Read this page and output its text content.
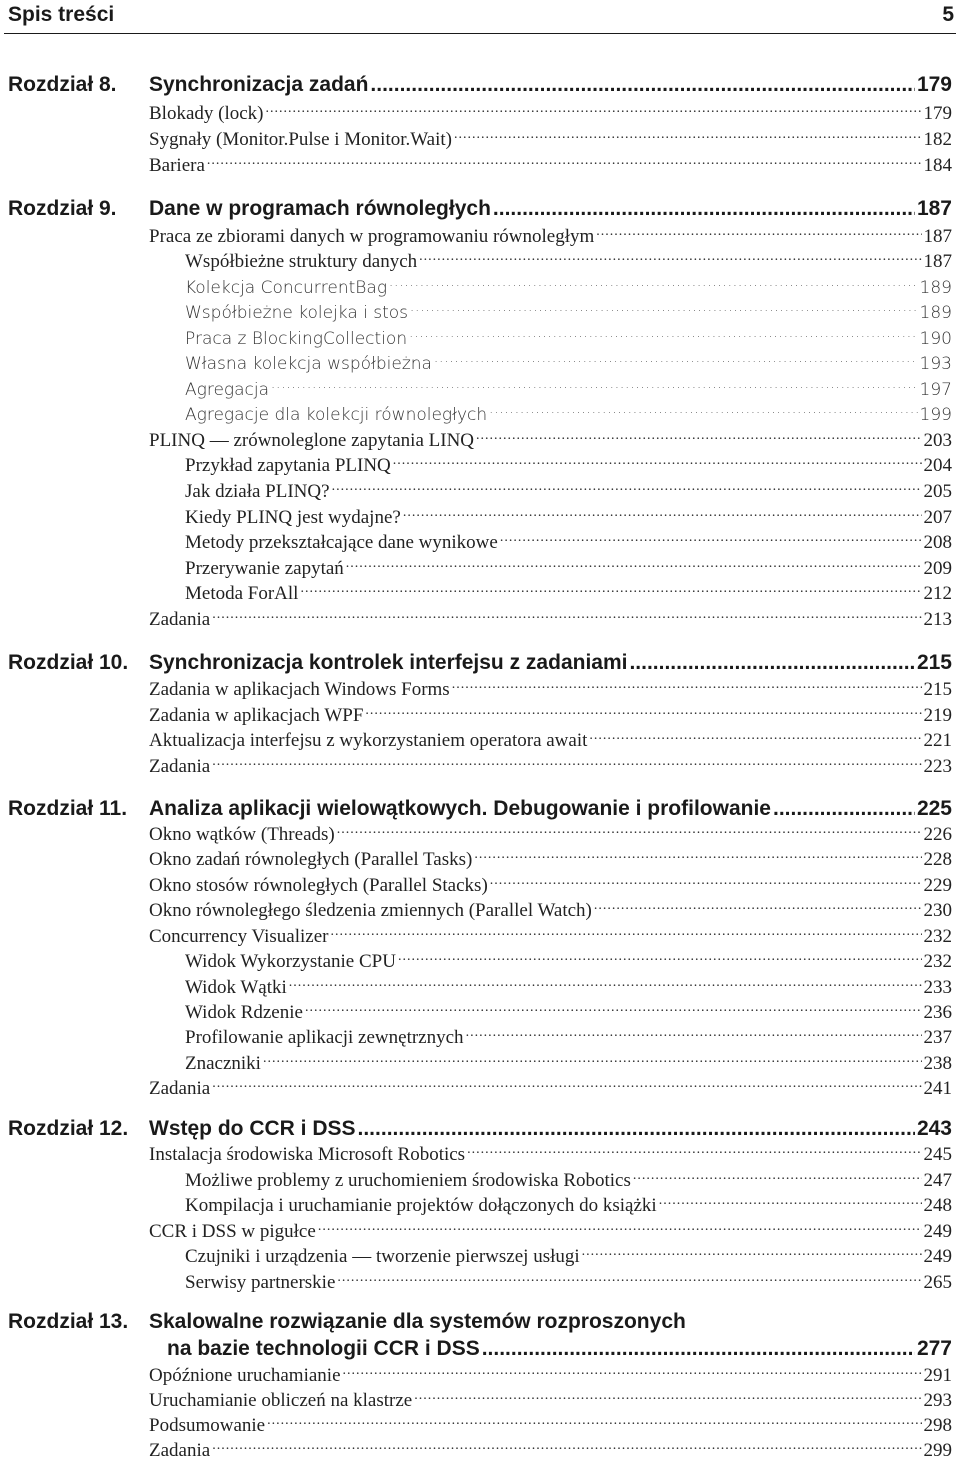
Spis treści	5
Rozdział 8. Synchronizacja zadań .....	179
Blokady (lock) .....	179
Sygnały (Monitor.Pulse i Monitor.Wait) .....	182
Bariera .....	184
Rozdział 9. Dane w programach równoległych .....	187
Praca ze zbiorami danych w programowaniu równoległym .....	187
Współbieżne struktury danych .....	187
Kolekcja ConcurrentBag .....	189
Współbieżne kolejka i stos .....	189
Praca z BlockingCollection .....	190
Własna kolekcja współbieżna .....	193
Agregacja .....	197
Agregacje dla kolekcji równoległych .....	199
PLINQ — zrównoleglone zapytania LINQ .....	203
Przykład zapytania PLINQ .....	204
Jak działa PLINQ? .....	205
Kiedy PLINQ jest wydajne? .....	207
Metody przekształcające dane wynikowe .....	208
Przerywanie zapytań .....	209
Metoda ForAll .....	212
Zadania .....	213
Rozdział 10. Synchronizacja kontrolek interfejsu z zadaniami .....	215
Zadania w aplikacjach Windows Forms .....	215
Zadania w aplikacjach WPF .....	219
Aktualizacja interfejsu z wykorzystaniem operatora await .....	221
Zadania .....	223
Rozdział 11. Analiza aplikacji wielowątkowych. Debugowanie i profilowanie .....	225
Okno wątków (Threads) .....	226
Okno zadań równoległych (Parallel Tasks) .....	228
Okno stosów równoległych (Parallel Stacks) .....	229
Okno równoległego śledzenia zmiennych (Parallel Watch) .....	230
Concurrency Visualizer .....	232
Widok Wykorzystanie CPU .....	232
Widok Wątki .....	233
Widok Rdzenie .....	236
Profilowanie aplikacji zewnętrznych .....	237
Znaczniki .....	238
Zadania .....	241
Rozdział 12. Wstęp do CCR i DSS .....	243
Instalacja środowiska Microsoft Robotics .....	245
Możliwe problemy z uruchomieniem środowiska Robotics .....	247
Kompilacja i uruchamianie projektów dołączonych do książki .....	248
CCR i DSS w pigułce .....	249
Czujniki i urządzenia — tworzenie pierwszej usługi .....	249
Serwisy partnerskie .....	265
Rozdział 13. Skalowalne rozwiązanie dla systemów rozproszonych
na bazie technologii CCR i DSS .....	277
Opóźnione uruchamianie .....	291
Uruchamianie obliczeń na klastrze .....	293
Podsumowanie .....	298
Zadania .....	299
